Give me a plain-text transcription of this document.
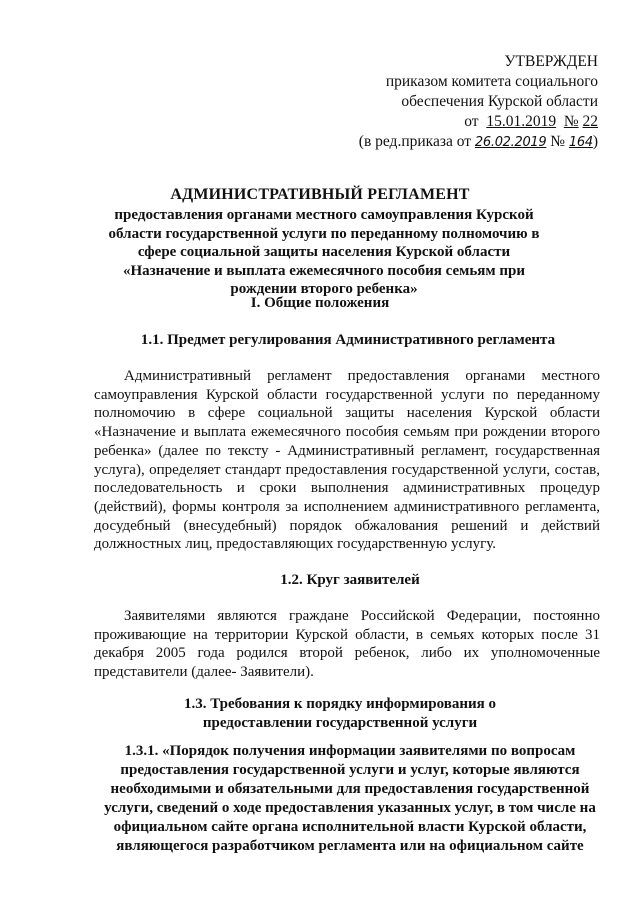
УТВЕРЖДЕН
приказом комитета социального
обеспечения Курской области
от 15.01.2019 № 22
(в ред.приказа от 26.02.2019 № 164)
АДМИНИСТРАТИВНЫЙ РЕГЛАМЕНТ
предоставления органами местного самоуправления Курской области государственной услуги по переданному полномочию в сфере социальной защиты населения Курской области «Назначение и выплата ежемесячного пособия семьям при рождении второго ребенка»
I. Общие положения
1.1. Предмет регулирования Административного регламента
Административный регламент предоставления органами местного самоуправления Курской области государственной услуги по переданному полномочию в сфере социальной защиты населения Курской области «Назначение и выплата ежемесячного пособия семьям при рождении второго ребенка» (далее по тексту - Административный регламент, государственная услуга), определяет стандарт предоставления государственной услуги, состав, последовательность и сроки выполнения административных процедур (действий), формы контроля за исполнением административного регламента, досудебный (внесудебный) порядок обжалования решений и действий должностных лиц, предоставляющих государственную услугу.
1.2. Круг заявителей
Заявителями являются граждане Российской Федерации, постоянно проживающие на территории Курской области, в семьях которых после 31 декабря 2005 года родился второй ребенок, либо их уполномоченные представители (далее- Заявители).
1.3. Требования к порядку информирования о предоставлении государственной услуги
1.3.1. «Порядок получения информации заявителями по вопросам предоставления государственной услуги и услуг, которые являются необходимыми и обязательными для предоставления государственной услуги, сведений о ходе предоставления указанных услуг, в том числе на официальном сайте органа исполнительной власти Курской области, являющегося разработчиком регламента или на официальном сайте
